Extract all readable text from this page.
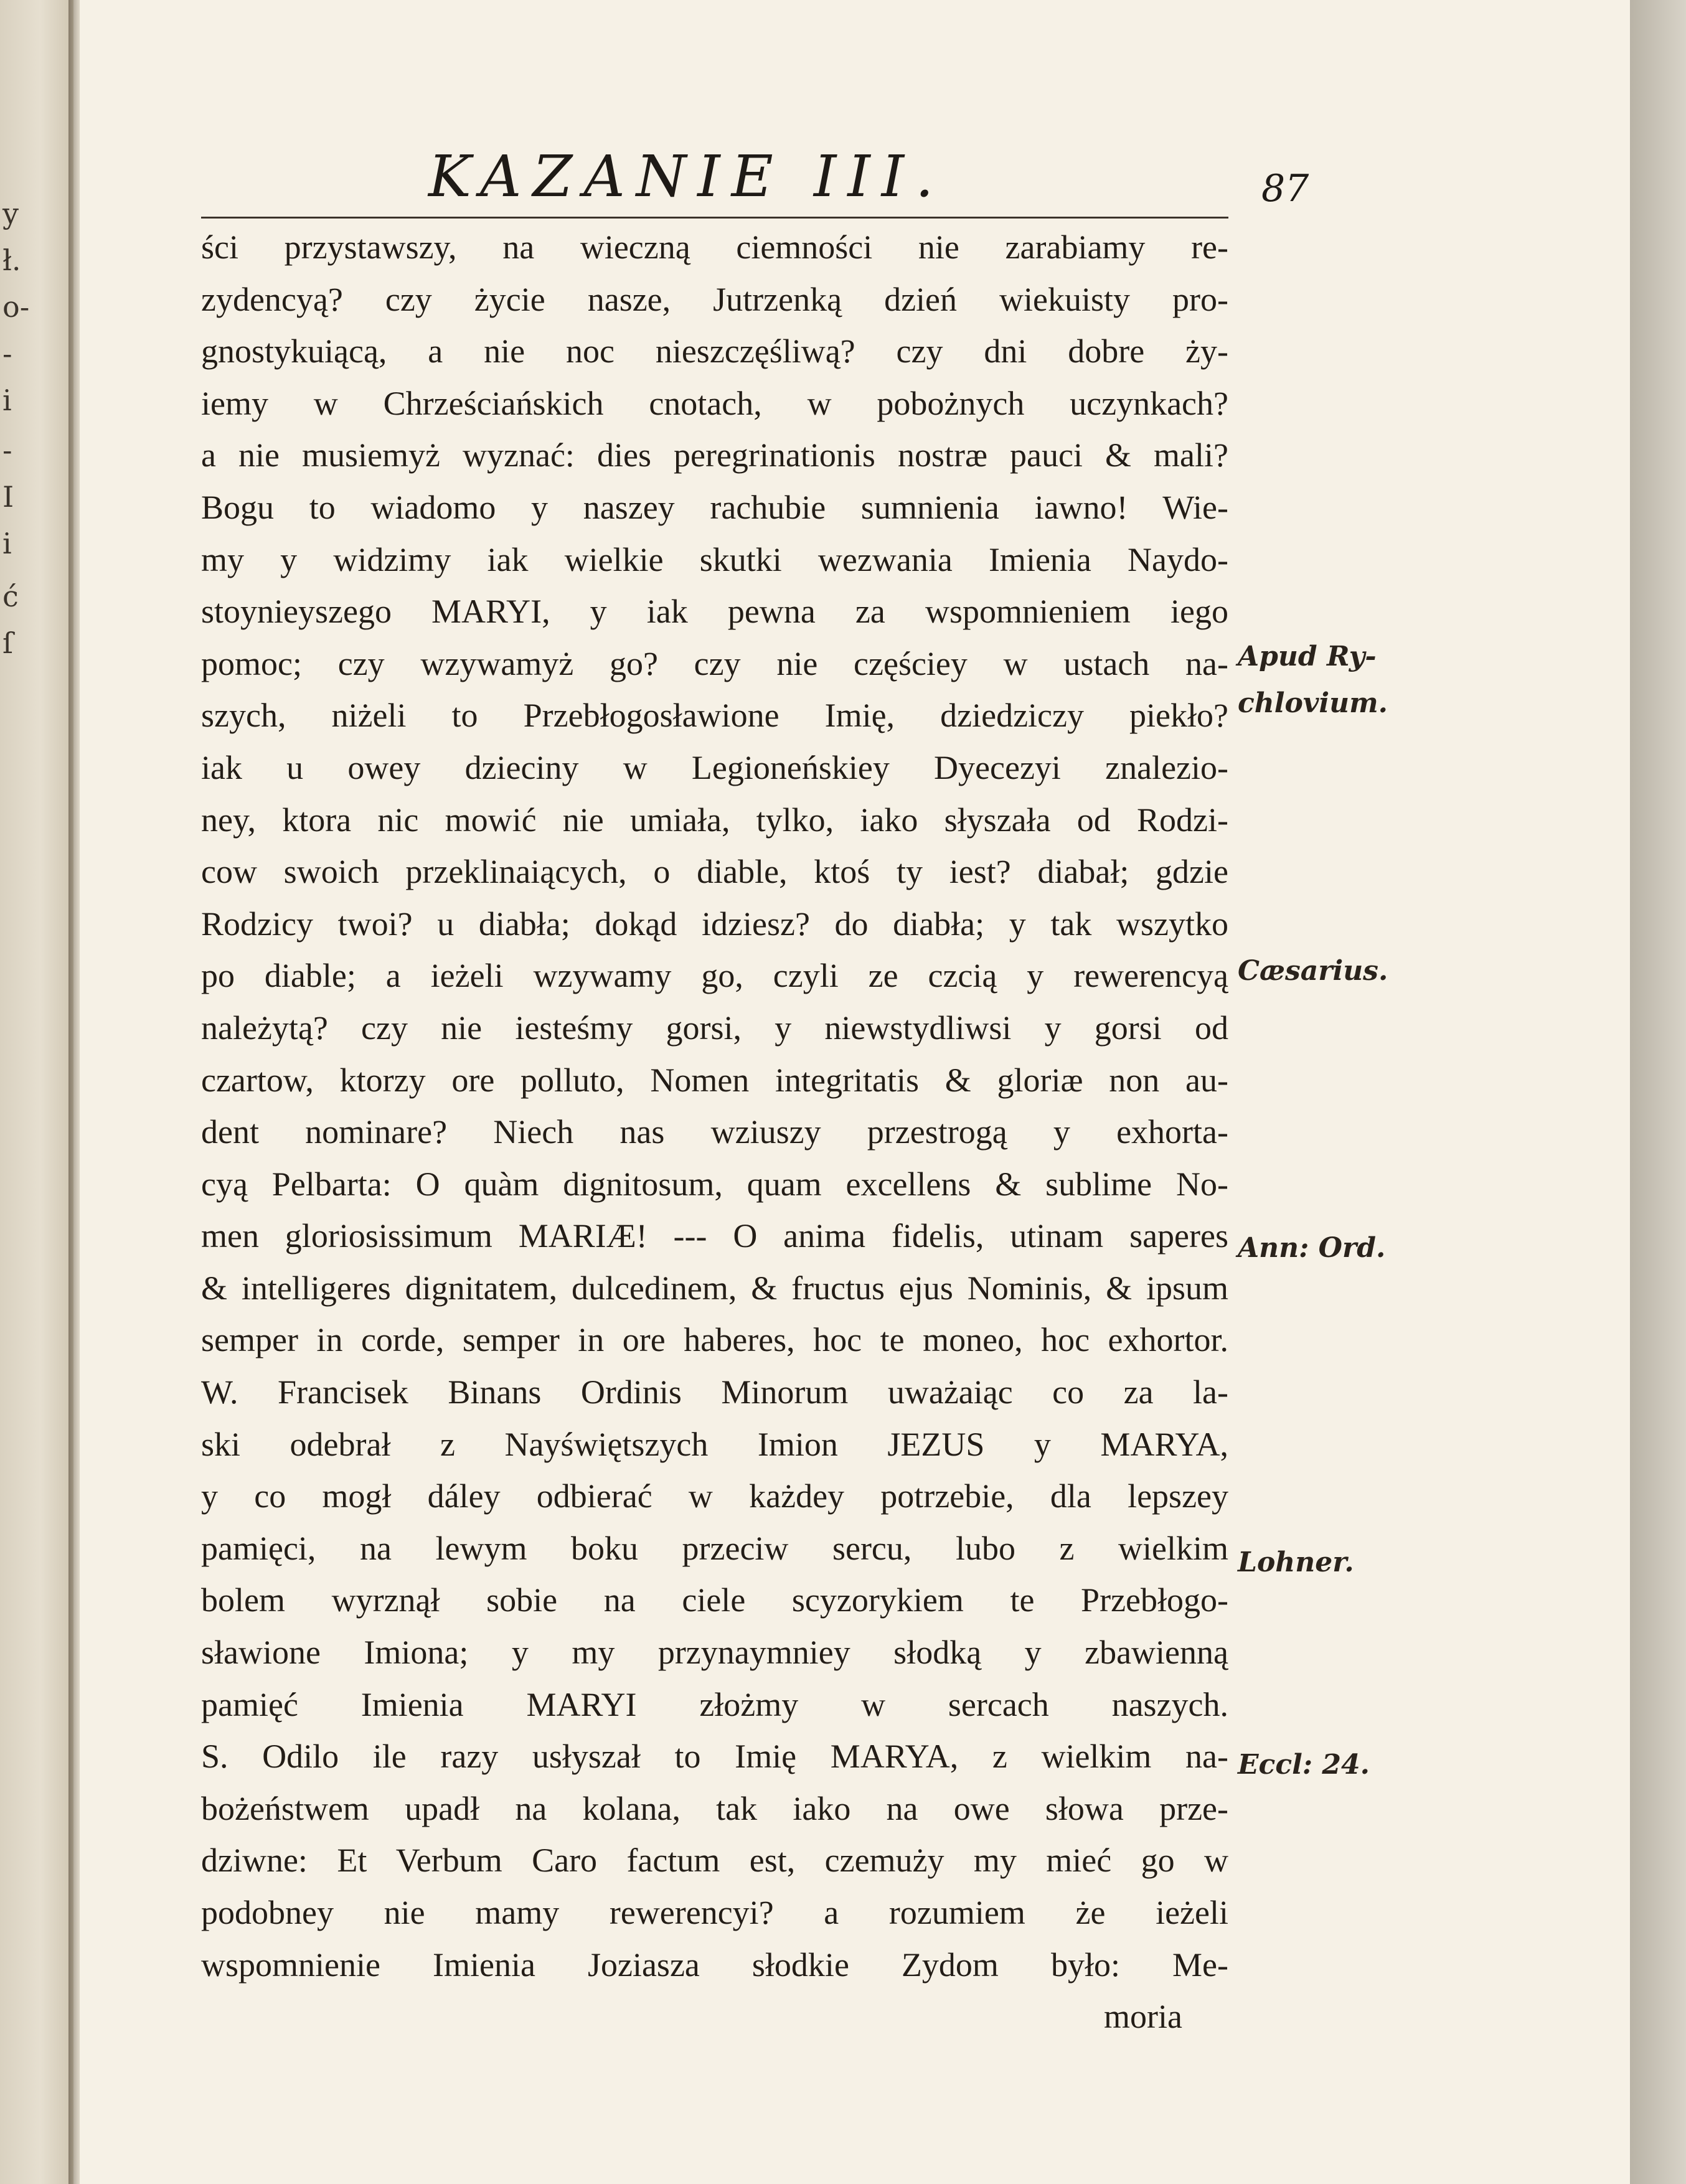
y
ł.
o-
-
i
-
I
i
ć
ſ
KAZANIE III.	87
ści przystawszy, na wieczną ciemności nie zarabiamy re-
zydencyą? czy życie nasze, Jutrzenką dzień wiekuisty pro-
gnostykuiącą, a nie noc nieszczęśliwą? czy dni dobre ży-
iemy w Chrześciańskich cnotach, w pobożnych uczynkach?
a nie musiemyż wyznać: dies peregrinationis nostræ pauci & mali?
Bogu to wiadomo y naszey rachubie sumnienia iawno! Wie-
my y widzimy iak wielkie skutki wezwania Imienia Naydo-
stoynieyszego MARYI, y iak pewna za wspomnieniem iego
pomoc; czy wzywamyż go? czy nie częściey w ustach na-
szych, niżeli to Przebłogosławione Imię, dziedziczy piekło?
iak u owey dzieciny w Legioneńskiey Dyecezyi znalezio-
ney, ktora nic mowić nie umiała, tylko, iako słyszała od Rodzi-
cow swoich przeklinaiących, o diable, ktoś ty iest? diabał; gdzie
Rodzicy twoi? u diabła; dokąd idziesz? do diabła; y tak wszytko
po diable; a ieżeli wzywamy go, czyli ze czcią y rewerencyą
należytą? czy nie iesteśmy gorsi, y niewstydliwsi y gorsi od
czartow, ktorzy ore polluto, Nomen integritatis & gloriæ non au-
dent nominare? Niech nas wziuszy przestrogą y exhorta-
cyą Pelbarta: O quàm dignitosum, quam excellens & sublime No-
men gloriosissimum MARIÆ! --- O anima fidelis, utinam saperes
& intelligeres dignitatem, dulcedinem, & fructus ejus Nominis, & ipsum
semper in corde, semper in ore haberes, hoc te moneo, hoc exhortor.
W. Francisek Binans Ordinis Minorum uważaiąc co za la-
ski odebrał z Nayświętszych Imion JEZUS y MARYA,
y co mogł dáley odbierać w każdey potrzebie, dla lepszey
pamięci, na lewym boku przeciw sercu, lubo z wielkim
bolem wyrznął sobie na ciele scyzorykiem te Przebłogo-
sławione Imiona; y my przynaymniey słodką y zbawienną
pamięć Imienia MARYI złożmy w sercach naszych.
S. Odilo ile razy usłyszał to Imię MARYA, z wielkim na-
bożeństwem upadł na kolana, tak iako na owe słowa prze-
dziwne: Et Verbum Caro factum est, czemuży my mieć go w
podobney nie mamy rewerencyi? a rozumiem że ieżeli
wspomnienie Imienia Joziasza słodkie Zydom było: Me-
moria
Apud Ry-
chlovium.
Cæsarius.
Ann: Ord.
Lohner.
Eccl: 24.
